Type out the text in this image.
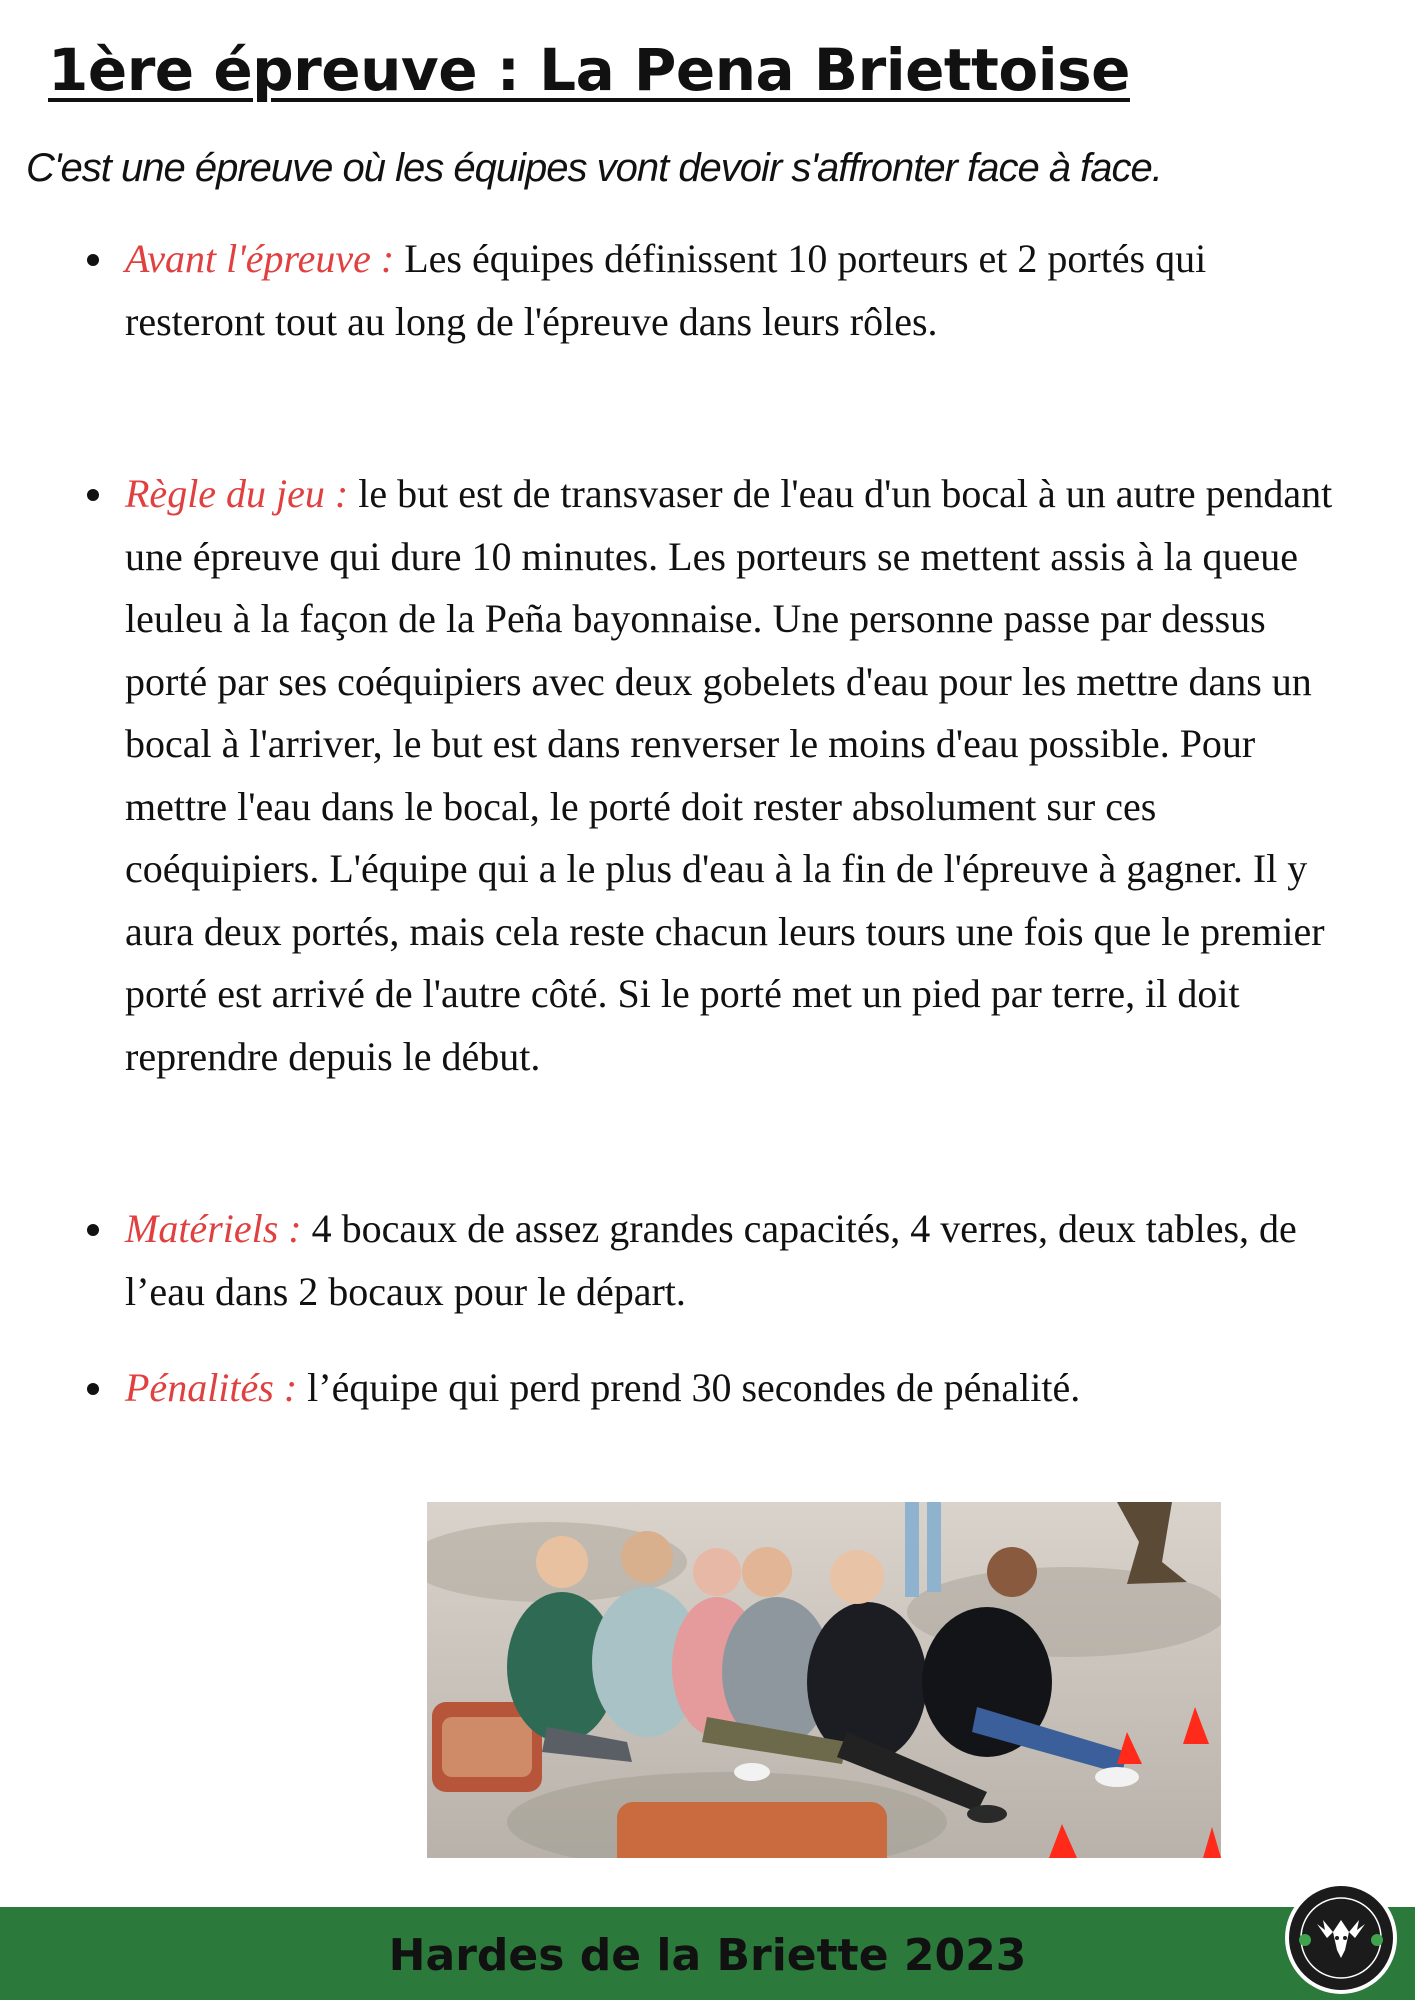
1ère épreuve : La Pena Briettoise

C'est une épreuve où les équipes vont devoir s'affronter face à face.

Avant l'épreuve : Les équipes définissent 10 porteurs et 2 portés qui resteront tout au long de l'épreuve dans leurs rôles.
Règle du jeu : le but est de transvaser de l'eau d'un bocal à un autre pendant une épreuve qui dure 10 minutes. Les porteurs se mettent assis à la queue leuleu à la façon de la Peña bayonnaise. Une personne passe par dessus porté par ses coéquipiers avec deux gobelets d'eau pour les mettre dans un bocal à l'arriver, le but est dans renverser le moins d'eau possible. Pour mettre l'eau dans le bocal, le porté doit rester absolument sur ces coéquipiers. L'équipe qui a le plus d'eau à la fin de l'épreuve à gagner. Il y aura deux portés, mais cela reste chacun leurs tours une fois que le premier porté est arrivé de l'autre côté. Si le porté met un pied par terre, il doit reprendre depuis le début.
Matériels : 4 bocaux de assez grandes capacités, 4 verres, deux tables, de l’eau dans 2 bocaux pour le départ.
Pénalités : l’équipe qui perd prend 30 secondes de pénalité.
Hardes de la Briette 2023
